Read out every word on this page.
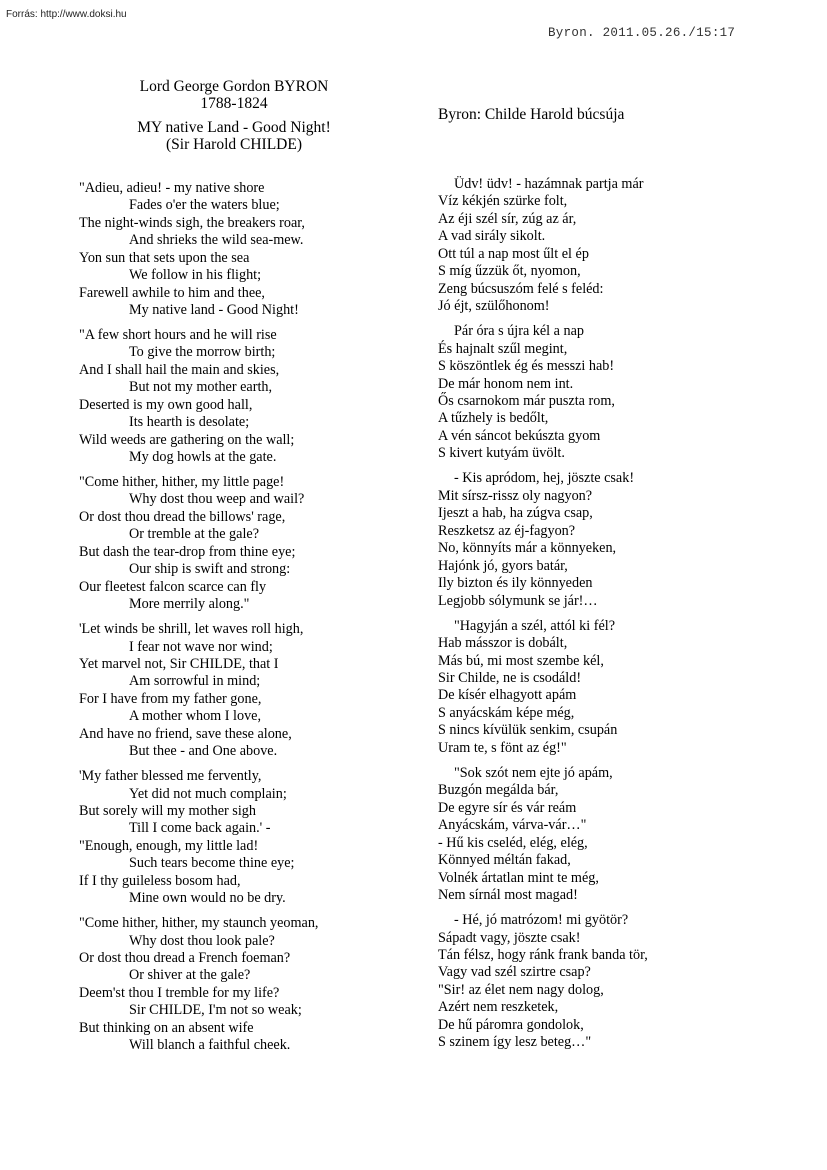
Forrás: http://www.doksi.hu
Byron. 2011.05.26./15:17
Lord George Gordon BYRON
1788-1824
MY native Land - Good Night!
(Sir Harold CHILDE)
Byron: Childe Harold búcsúja
"Adieu, adieu! - my native shore
Fades o'er the waters blue;
The night-winds sigh, the breakers roar,
And shrieks the wild sea-mew.
Yon sun that sets upon the sea
We follow in his flight;
Farewell awhile to him and thee,
My native land - Good Night!
"A few short hours and he will rise
To give the morrow birth;
And I shall hail the main and skies,
But not my mother earth,
Deserted is my own good hall,
Its hearth is desolate;
Wild weeds are gathering on the wall;
My dog howls at the gate.
"Come hither, hither, my little page!
Why dost thou weep and wail?
Or dost thou dread the billows' rage,
Or tremble at the gale?
But dash the tear-drop from thine eye;
Our ship is swift and strong:
Our fleetest falcon scarce can fly
More merrily along."
'Let winds be shrill, let waves roll high,
I fear not wave nor wind;
Yet marvel not, Sir CHILDE, that I
Am sorrowful in mind;
For I have from my father gone,
A mother whom I love,
And have no friend, save these alone,
But thee - and One above.
'My father blessed me fervently,
Yet did not much complain;
But sorely will my mother sigh
Till I come back again.' -
"Enough, enough, my little lad!
Such tears become thine eye;
If I thy guileless bosom had,
Mine own would no be dry.
"Come hither, hither, my staunch yeoman,
Why dost thou look pale?
Or dost thou dread a French foeman?
Or shiver at the gale?
Deem'st thou I tremble for my life?
Sir CHILDE, I'm not so weak;
But thinking on an absent wife
Will blanch a faithful cheek.
Üdv! üdv! - hazámnak partja már
Víz kékjén szürke folt,
Az éji szél sír, zúg az ár,
A vad sirály sikolt.
Ott túl a nap most űlt el ép
S míg űzzük őt, nyomon,
Zeng búcsuszóm felé s feléd:
Jó éjt, szülőhonom!
Pár óra s újra kél a nap
És hajnalt szűl megint,
S köszöntlek ég és messzi hab!
De már honom nem int.
Ős csarnokom már puszta rom,
A tűzhely is bedőlt,
A vén sáncot bekúszta gyom
S kivert kutyám üvölt.
- Kis apródom, hej, jöszte csak!
Mit sírsz-rissz oly nagyon?
Ijeszt a hab, ha zúgva csap,
Reszketsz az éj-fagyon?
No, könnyíts már a könnyeken,
Hajónk jó, gyors batár,
Ily bizton és ily könnyeden
Legjobb sólymunk se jár!…
"Hagyján a szél, attól ki fél?
Hab másszor is dobált,
Más bú, mi most szembe kél,
Sir Childe, ne is csodáld!
De kísér elhagyott apám
S anyácskám képe még,
S nincs kívülük senkim, csupán
Uram te, s fönt az ég!"
"Sok szót nem ejte jó apám,
Buzgón megálda bár,
De egyre sír és vár reám
Anyácskám, várva-vár…"
- Hű kis cseléd, elég, elég,
Könnyed méltán fakad,
Volnék ártatlan mint te még,
Nem sírnál most magad!
- Hé, jó matrózom! mi gyötör?
Sápadt vagy, jöszte csak!
Tán félsz, hogy ránk frank banda tör,
Vagy vad szél szirtre csap?
"Sir! az élet nem nagy dolog,
Azért nem reszketek,
De hű páromra gondolok,
S szinem így lesz beteg…"
